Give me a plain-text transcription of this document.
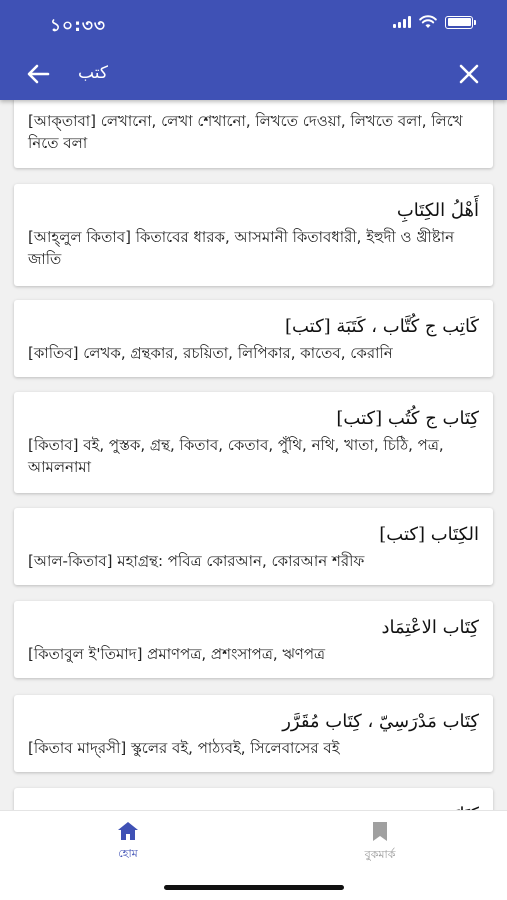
১০:৩৩
كتب
[আক্‌তাবা] লেখানো, লেখা শেখানো, লিখতে দেওয়া, লিখতে বলা, লিখে নিতে বলা
أَهْلُ الكِتَابِ
[আহ্‌লুল কিতাব] কিতাবের ধারক, আসমানী কিতাবধারী, ইহুদী ও খ্রীষ্টান জাতি
كَاتِب ج كُتَّاب ، كَتَبَة [كتب]
[কাতিব] লেখক, গ্রন্থকার, রচয়িতা, লিপিকার, কাতেব, কেরানি
كِتَاب ج كُتُب [كتب]
[কিতাব] বই, পুস্তক, গ্রন্থ, কিতাব, কেতাব, পুঁথি, নথি, খাতা, চিঠি, পত্র, আমলনামা
الكِتَاب [كتب]
[আল-কিতাব] মহাগ্রন্থ: পবিত্র কোরআন, কোরআন শরীফ
كِتَاب الاعْتِمَاد
[কিতাবুল ই'তিমাদ] প্রমাণপত্র, প্রশংসাপত্র, ঋণপত্র
كِتَاب مَدْرَسِيّ ، كِتَاب مُقَرَّر
[কিতাব মাদ্‌রসী] স্কুলের বই, পাঠ্যবই, সিলেবাসের বই
হোম	বুকমার্ক
